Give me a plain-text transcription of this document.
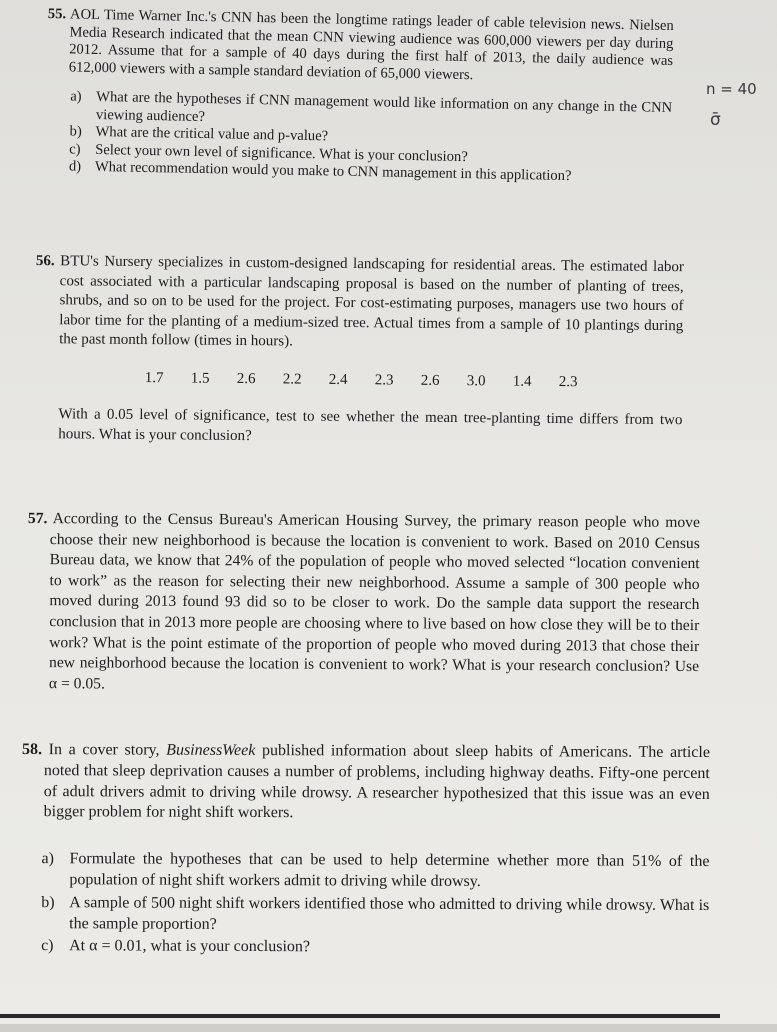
55. AOL Time Warner Inc.'s CNN has been the longtime ratings leader of cable television news. Nielsen Media Research indicated that the mean CNN viewing audience was 600,000 viewers per day during 2012. Assume that for a sample of 40 days during the first half of 2013, the daily audience was 612,000 viewers with a sample standard deviation of 65,000 viewers.

a) What are the hypotheses if CNN management would like information on any change in the CNN viewing audience?
b) What are the critical value and p-value?
c) Select your own level of significance. What is your conclusion?
d) What recommendation would you make to CNN management in this application?
n = 40
σ̄

56. BTU's Nursery specializes in custom-designed landscaping for residential areas. The estimated labor cost associated with a particular landscaping proposal is based on the number of planting of trees, shrubs, and so on to be used for the project. For cost-estimating purposes, managers use two hours of labor time for the planting of a medium-sized tree. Actual times from a sample of 10 plantings during the past month follow (times in hours).

1.7	1.5	2.6	2.2	2.4	2.3	2.6	3.0	1.4	2.3

With a 0.05 level of significance, test to see whether the mean tree-planting time differs from two hours. What is your conclusion?

57. According to the Census Bureau's American Housing Survey, the primary reason people who move choose their new neighborhood is because the location is convenient to work. Based on 2010 Census Bureau data, we know that 24% of the population of people who moved selected “location convenient to work” as the reason for selecting their new neighborhood. Assume a sample of 300 people who moved during 2013 found 93 did so to be closer to work. Do the sample data support the research conclusion that in 2013 more people are choosing where to live based on how close they will be to their work? What is the point estimate of the proportion of people who moved during 2013 that chose their new neighborhood because the location is convenient to work? What is your research conclusion? Use α = 0.05.

58. In a cover story, BusinessWeek published information about sleep habits of Americans. The article noted that sleep deprivation causes a number of problems, including highway deaths. Fifty-one percent of adult drivers admit to driving while drowsy. A researcher hypothesized that this issue was an even bigger problem for night shift workers.

a) Formulate the hypotheses that can be used to help determine whether more than 51% of the population of night shift workers admit to driving while drowsy.
b) A sample of 500 night shift workers identified those who admitted to driving while drowsy. What is the sample proportion?
c) At α = 0.01, what is your conclusion?
